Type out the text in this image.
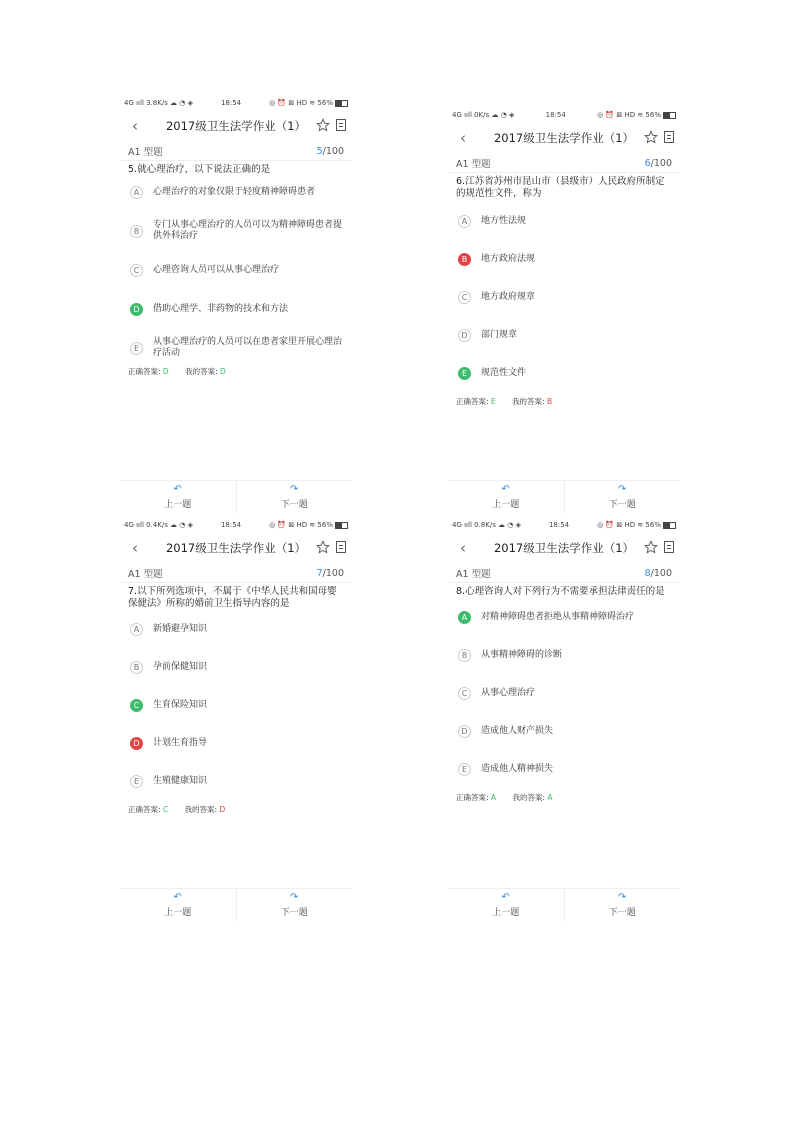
4G ııll 3.8K/s ☁ ◔ ◈	18:54	◎ ⏰ ⊠ HD ≋ 56%
‹ 2017级卫生法学作业（1）
A1 型题	5/100
5.就心理治疗，以下说法正确的是
A	心理治疗的对象仅限于轻度精神障碍患者
B
专门从事心理治疗的人员可以为精神障碍患者提供外科治疗
C	心理咨询人员可以从事心理治疗
D	借助心理学、非药物的技术和方法
E
从事心理治疗的人员可以在患者家里开展心理治疗活动
正确答案: D 我的答案: D
↶
上一题
↷
下一题
4G ııll 0K/s ☁ ◔ ◈	18:54	◎ ⏰ ⊠ HD ≋ 56%
‹ 2017级卫生法学作业（1）
A1 型题	6/100
6.江苏省苏州市昆山市（县级市）人民政府所制定的规范性文件，称为
A	地方性法规
B	地方政府法规
C	地方政府规章
D	部门规章
E	规范性文件
正确答案: E 我的答案: B
↶
上一题
↷
下一题
4G ııll 0.4K/s ☁ ◔ ◈	18:54	◎ ⏰ ⊠ HD ≋ 56%
‹ 2017级卫生法学作业（1）
A1 型题	7/100
7.以下所列选项中，不属于《中华人民共和国母婴保健法》所称的婚前卫生指导内容的是
A	新婚避孕知识
B	孕前保健知识
C	生育保险知识
D	计划生育指导
E	生殖健康知识
正确答案: C 我的答案: D
↶
上一题
↷
下一题
4G ııll 0.8K/s ☁ ◔ ◈	18:54	◎ ⏰ ⊠ HD ≋ 56%
‹ 2017级卫生法学作业（1）
A1 型题	8/100
8.心理咨询人对下列行为不需要承担法律责任的是
A	对精神障碍患者拒绝从事精神障碍治疗
B	从事精神障碍的诊断
C	从事心理治疗
D	造成他人财产损失
E	造成他人精神损失
正确答案: A 我的答案: A
↶
上一题
↷
下一题
